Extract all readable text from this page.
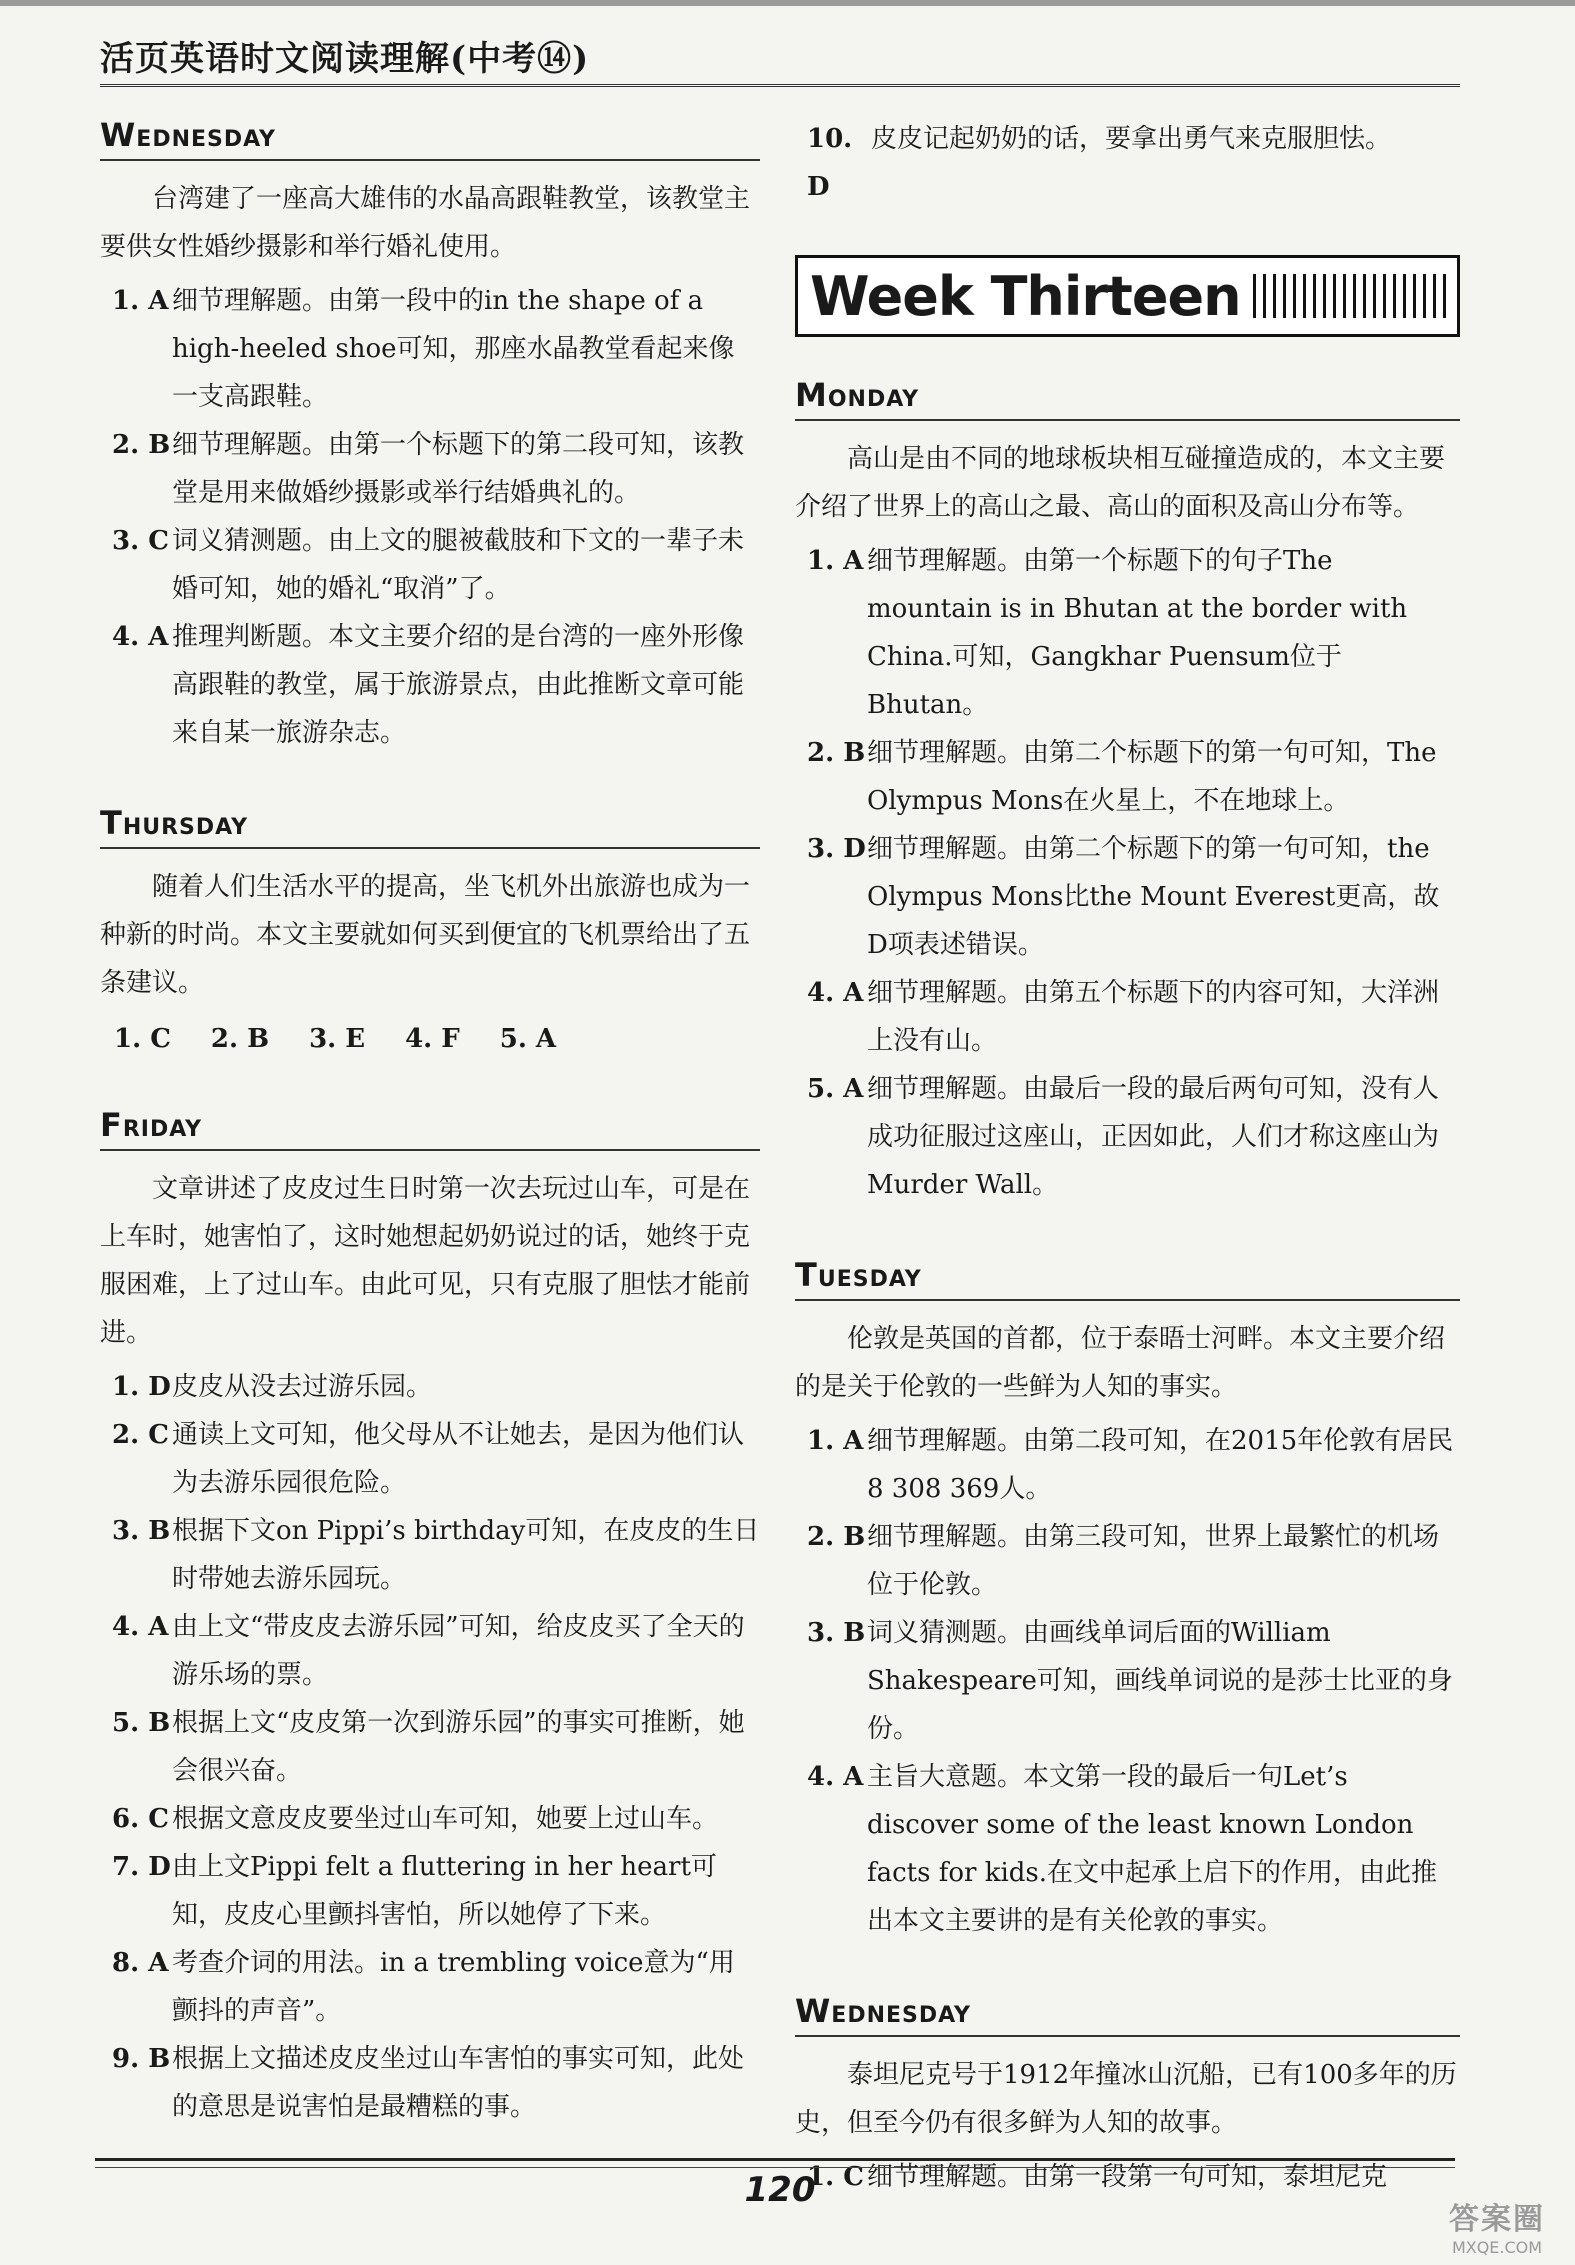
活页英语时文阅读理解(中考⑭)
Wednesday

台湾建了一座高大雄伟的水晶高跟鞋教堂，该教堂主要供女性婚纱摄影和举行婚礼使用。

1. A 细节理解题。由第一段中的in the shape of a high-heeled shoe可知，那座水晶教堂看起来像一支高跟鞋。
2. B 细节理解题。由第一个标题下的第二段可知，该教堂是用来做婚纱摄影或举行结婚典礼的。
3. C 词义猜测题。由上文的腿被截肢和下文的一辈子未婚可知，她的婚礼“取消”了。
4. A 推理判断题。本文主要介绍的是台湾的一座外形像高跟鞋的教堂，属于旅游景点，由此推断文章可能来自某一旅游杂志。
Thursday

随着人们生活水平的提高，坐飞机外出旅游也成为一种新的时尚。本文主要就如何买到便宜的飞机票给出了五条建议。

1. C 2. B 3. E 4. F 5. A
Friday

文章讲述了皮皮过生日时第一次去玩过山车，可是在上车时，她害怕了，这时她想起奶奶说过的话，她终于克服困难，上了过山车。由此可见，只有克服了胆怯才能前进。

1. D 皮皮从没去过游乐园。
2. C 通读上文可知，他父母从不让她去，是因为他们认为去游乐园很危险。
3. B 根据下文on Pippi’s birthday可知，在皮皮的生日时带她去游乐园玩。
4. A 由上文“带皮皮去游乐园”可知，给皮皮买了全天的游乐场的票。
5. B 根据上文“皮皮第一次到游乐园”的事实可推断，她会很兴奋。
6. C 根据文意皮皮要坐过山车可知，她要上过山车。
7. D 由上文Pippi felt a fluttering in her heart可知，皮皮心里颤抖害怕，所以她停了下来。
8. A 考查介词的用法。in a trembling voice意为“用颤抖的声音”。
9. B 根据上文描述皮皮坐过山车害怕的事实可知，此处的意思是说害怕是最糟糕的事。
10. D
皮皮记起奶奶的话，要拿出勇气来克服胆怯。
Week Thirteen
Monday

高山是由不同的地球板块相互碰撞造成的，本文主要介绍了世界上的高山之最、高山的面积及高山分布等。

1. A 细节理解题。由第一个标题下的句子The mountain is in Bhutan at the border with China.可知，Gangkhar Puensum位于Bhutan。
2. B 细节理解题。由第二个标题下的第一句可知，The Olympus Mons在火星上，不在地球上。
3. D 细节理解题。由第二个标题下的第一句可知，the Olympus Mons比the Mount Everest更高，故D项表述错误。
4. A 细节理解题。由第五个标题下的内容可知，大洋洲上没有山。
5. A 细节理解题。由最后一段的最后两句可知，没有人成功征服过这座山，正因如此，人们才称这座山为Murder Wall。
Tuesday

伦敦是英国的首都，位于泰晤士河畔。本文主要介绍的是关于伦敦的一些鲜为人知的事实。

1. A 细节理解题。由第二段可知，在2015年伦敦有居民8 308 369人。
2. B 细节理解题。由第三段可知，世界上最繁忙的机场位于伦敦。
3. B 词义猜测题。由画线单词后面的William Shakespeare可知，画线单词说的是莎士比亚的身份。
4. A 主旨大意题。本文第一段的最后一句Let’s discover some of the least known London facts for kids.在文中起承上启下的作用，由此推出本文主要讲的是有关伦敦的事实。
Wednesday

泰坦尼克号于1912年撞冰山沉船，已有100多年的历史，但至今仍有很多鲜为人知的故事。

1. C 细节理解题。由第一段第一句可知，泰坦尼克
120
答案圈
MXQE.COM
